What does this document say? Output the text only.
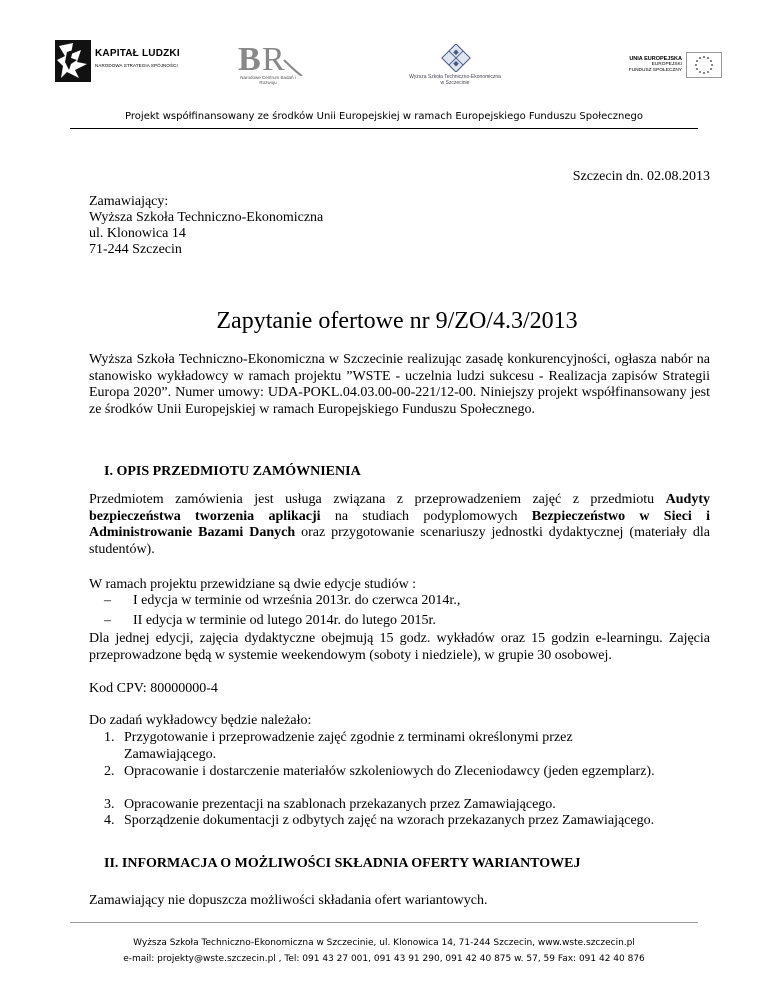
KAPITAŁ LUDZKI
NARODOWA STRATEGIA SPÓJNOŚCI B R
Narodowe Centrum Badań i Rozwoju
Wyższa Szkoła Techniczno-Ekonomiczna
w Szczecinie
UNIA EUROPEJSKA
EUROPEJSKI
FUNDUSZ SPOŁECZNY
Projekt współfinansowany ze środków Unii Europejskiej w ramach Europejskiego Funduszu Społecznego
Szczecin dn. 02.08.2013
Zamawiający:
Wyższa Szkoła Techniczno-Ekonomiczna
ul. Klonowica 14
71-244 Szczecin
Zapytanie ofertowe nr 9/ZO/4.3/2013
Wyższa Szkoła Techniczno-Ekonomiczna w Szczecinie realizując zasadę konkurencyjności, ogłasza nabór na stanowisko wykładowcy w ramach projektu ”WSTE - uczelnia ludzi sukcesu - Realizacja zapisów Strategii Europa 2020”. Numer umowy: UDA-POKL.04.03.00-00-221/12-00. Niniejszy projekt współfinansowany jest ze środków Unii Europejskiej w ramach Europejskiego Funduszu Społecznego.
I. OPIS PRZEDMIOTU ZAMÓWNIENIA
Przedmiotem zamówienia jest usługa związana z przeprowadzeniem zajęć z przedmiotu Audyty bezpieczeństwa tworzenia aplikacji na studiach podyplomowych Bezpieczeństwo w Sieci i Administrowanie Bazami Danych oraz przygotowanie scenariuszy jednostki dydaktycznej (materiały dla studentów).
W ramach projektu przewidziane są dwie edycje studiów :
– I edycja w terminie od września 2013r. do czerwca 2014r.,
– II edycja w terminie od lutego 2014r. do lutego 2015r.
Dla jednej edycji, zajęcia dydaktyczne obejmują 15 godz. wykładów oraz 15 godzin e-learningu. Zajęcia przeprowadzone będą w systemie weekendowym (soboty i niedziele), w grupie 30 osobowej.
Kod CPV: 80000000-4
Do zadań wykładowcy będzie należało:
1. Przygotowanie i przeprowadzenie zajęć zgodnie z terminami określonymi przez Zamawiającego.
2. Opracowanie i dostarczenie materiałów szkoleniowych do Zleceniodawcy (jeden egzemplarz).
3. Opracowanie prezentacji na szablonach przekazanych przez Zamawiającego.
4. Sporządzenie dokumentacji z odbytych zajęć na wzorach przekazanych przez Zamawiającego.
II. INFORMACJA O MOŻLIWOŚCI SKŁADNIA OFERTY WARIANTOWEJ
Zamawiający nie dopuszcza możliwości składania ofert wariantowych.
Wyższa Szkoła Techniczno-Ekonomiczna w Szczecinie, ul. Klonowica 14, 71-244 Szczecin, www.wste.szczecin.pl
e-mail: projekty@wste.szczecin.pl , Tel: 091 43 27 001, 091 43 91 290, 091 42 40 875 w. 57, 59 Fax: 091 42 40 876
